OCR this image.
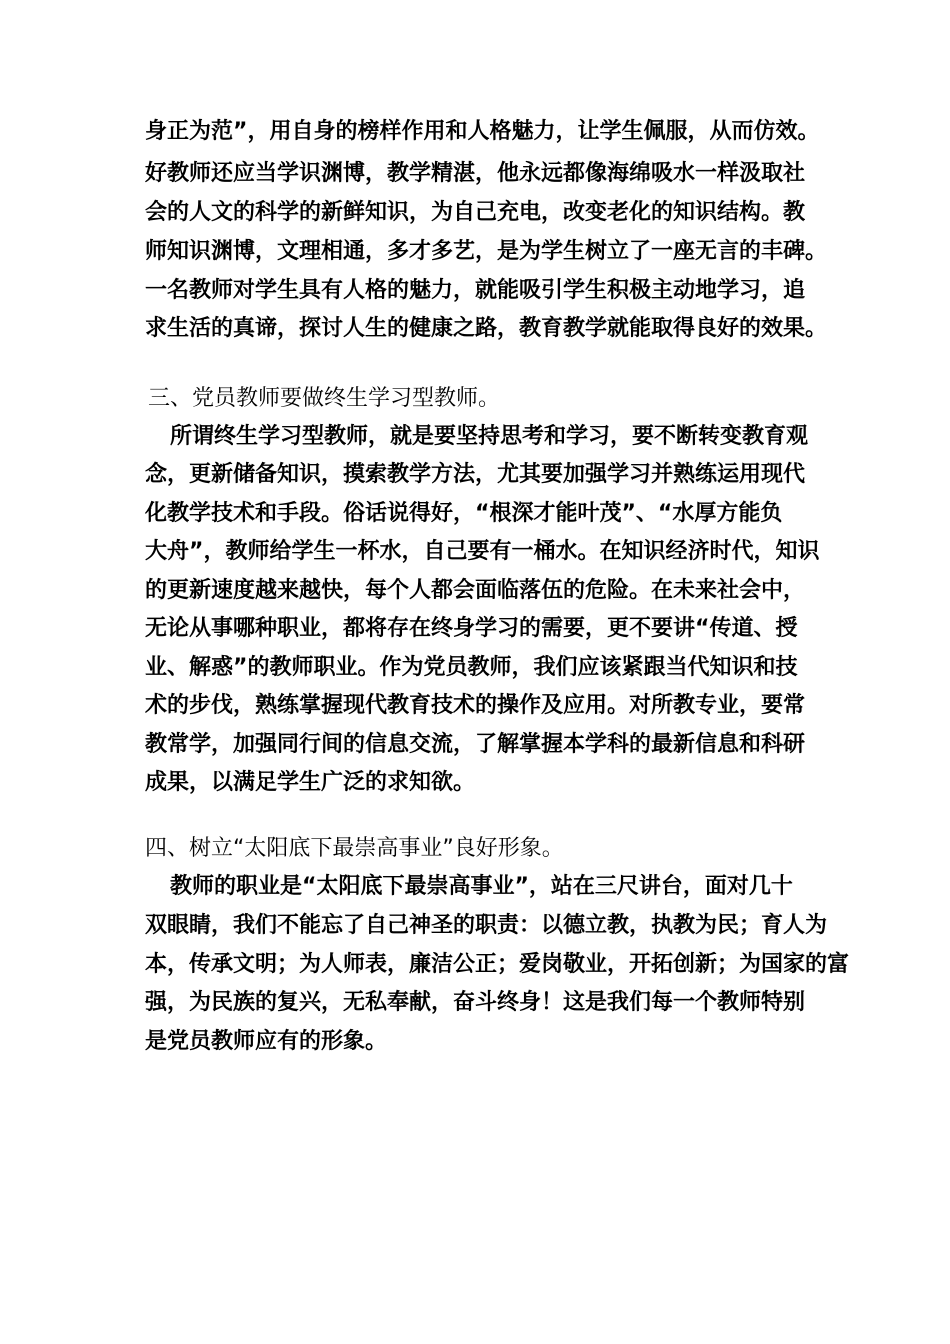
身正为范”，用自身的榜样作用和人格魅力，让学生佩服，从而仿效。
好教师还应当学识渊博，教学精湛，他永远都像海绵吸水一样汲取社
会的人文的科学的新鲜知识，为自己充电，改变老化的知识结构。教
师知识渊博，文理相通，多才多艺，是为学生树立了一座无言的丰碑。
一名教师对学生具有人格的魅力，就能吸引学生积极主动地学习，追
求生活的真谛，探讨人生的健康之路，教育教学就能取得良好的效果。
三、党员教师要做终生学习型教师。
所谓终生学习型教师，就是要坚持思考和学习，要不断转变教育观
念，更新储备知识，摸索教学方法，尤其要加强学习并熟练运用现代
化教学技术和手段。俗话说得好，“根深才能叶茂”、“水厚方能负
大舟”，教师给学生一杯水，自己要有一桶水。在知识经济时代，知识
的更新速度越来越快，每个人都会面临落伍的危险。在未来社会中，
无论从事哪种职业，都将存在终身学习的需要，更不要讲“传道、授
业、解惑”的教师职业。作为党员教师，我们应该紧跟当代知识和技
术的步伐，熟练掌握现代教育技术的操作及应用。对所教专业，要常
教常学，加强同行间的信息交流，了解掌握本学科的最新信息和科研
成果，以满足学生广泛的求知欲。
四、树立“太阳底下最崇高事业”良好形象。
教师的职业是“太阳底下最崇高事业”，站在三尺讲台，面对几十
双眼睛，我们不能忘了自己神圣的职责：以德立教，执教为民；育人为
本，传承文明；为人师表，廉洁公正；爱岗敬业，开拓创新；为国家的富
强，为民族的复兴，无私奉献，奋斗终身！这是我们每一个教师特别
是党员教师应有的形象。
